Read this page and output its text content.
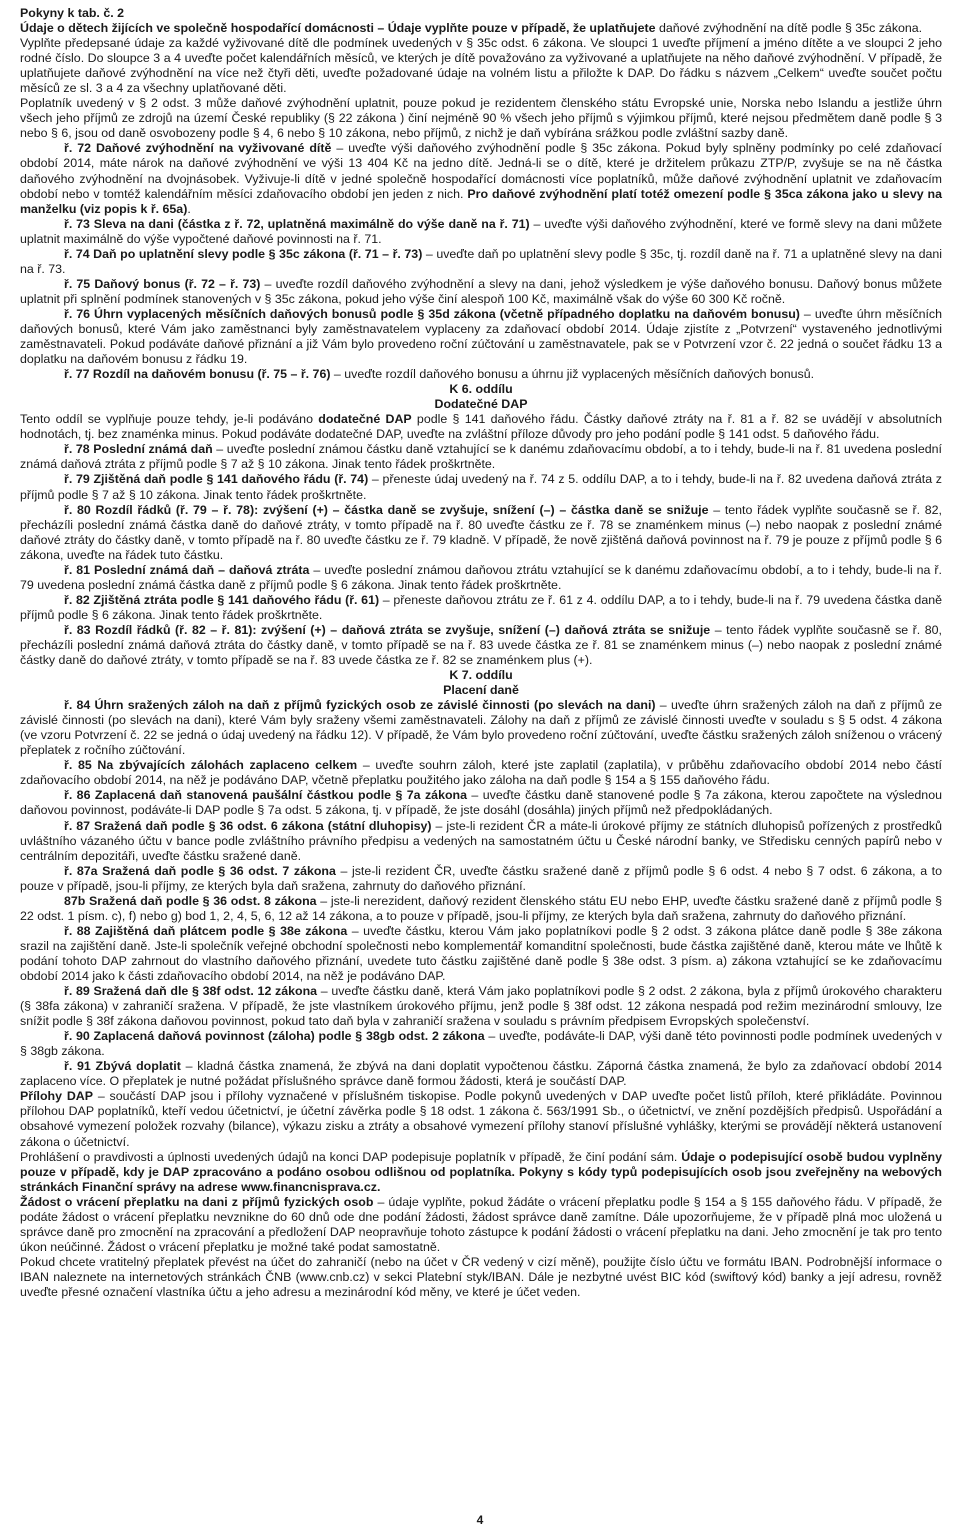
Pokyny k tab. č. 2

Údaje o dětech žijících ve společně hospodařící domácnosti – Údaje vyplňte pouze v případě, že uplatňujete daňové zvýhodnění na dítě podle § 35c zákona.

Vyplňte předepsané údaje za každé vyživované dítě dle podmínek uvedených v § 35c odst. 6 zákona. Ve sloupci 1 uveďte příjmení a jméno dítěte a ve sloupci 2 jeho rodné číslo. Do sloupce 3 a 4 uveďte počet kalendářních měsíců, ve kterých je dítě považováno za vyživované a uplatňujete na něho daňové zvýhodnění. V případě, že uplatňujete daňové zvýhodnění na více než čtyři děti, uveďte požadované údaje na volném listu a přiložte k DAP. Do řádku s názvem „Celkem“ uveďte součet počtu měsíců ze sl. 3 a 4 za všechny uplatňované děti.

Poplatník uvedený v § 2 odst. 3 může daňové zvýhodnění uplatnit, pouze pokud je rezidentem členského státu Evropské unie, Norska nebo Islandu a jestliže úhrn všech jeho příjmů ze zdrojů na území České republiky (§ 22 zákona ) činí nejméně 90 % všech jeho příjmů s výjimkou příjmů, které nejsou předmětem daně podle § 3 nebo § 6, jsou od daně osvobozeny podle § 4, 6 nebo § 10 zákona, nebo příjmů, z nichž je daň vybírána srážkou podle zvláštní sazby daně.

ř. 72 Daňové zvýhodnění na vyživované dítě – uveďte výši daňového zvýhodnění podle § 35c zákona. Pokud byly splněny podmínky po celé zdaňovací období 2014, máte nárok na daňové zvýhodnění ve výši 13 404 Kč na jedno dítě. Jedná-li se o dítě, které je držitelem průkazu ZTP/P, zvyšuje se na ně částka daňového zvýhodnění na dvojnásobek. Vyživuje-li dítě v jedné společně hospodařící domácnosti více poplatníků, může daňové zvýhodnění uplatnit ve zdaňovacím období nebo v tomtéž kalendářním měsíci zdaňovacího období jen jeden z nich. Pro daňové zvýhodnění platí totéž omezení podle § 35ca zákona jako u slevy na manželku (viz popis k ř. 65a).

ř. 73 Sleva na dani (částka z ř. 72, uplatněná maximálně do výše daně na ř. 71) – uveďte výši daňového zvýhodnění, které ve formě slevy na dani můžete uplatnit maximálně do výše vypočtené daňové povinnosti na ř. 71.

ř. 74 Daň po uplatnění slevy podle § 35c zákona (ř. 71 – ř. 73) – uveďte daň po uplatnění slevy podle § 35c, tj. rozdíl daně na ř. 71 a uplatněné slevy na dani na ř. 73.

ř. 75 Daňový bonus (ř. 72 – ř. 73) – uveďte rozdíl daňového zvýhodnění a slevy na dani, jehož výsledkem je výše daňového bonusu. Daňový bonus můžete uplatnit při splnění podmínek stanovených v § 35c zákona, pokud jeho výše činí alespoň 100 Kč, maximálně však do výše 60 300 Kč ročně.

ř. 76 Úhrn vyplacených měsíčních daňových bonusů podle § 35d zákona (včetně případného doplatku na daňovém bonusu) – uveďte úhrn měsíčních daňových bonusů, které Vám jako zaměstnanci byly zaměstnavatelem vyplaceny za zdaňovací období 2014. Údaje zjistíte z „Potvrzení“ vystaveného jednotlivými zaměstnavateli. Pokud podáváte daňové přiznání a již Vám bylo provedeno roční zúčtování u zaměstnavatele, pak se v Potvrzení vzor č. 22 jedná o součet řádku 13 a doplatku na daňovém bonusu z řádku 19.

ř. 77 Rozdíl na daňovém bonusu (ř. 75 – ř. 76) – uveďte rozdíl daňového bonusu a úhrnu již vyplacených měsíčních daňových bonusů.

K 6. oddílu

Dodatečné DAP

Tento oddíl se vyplňuje pouze tehdy, je-li podáváno dodatečné DAP podle § 141 daňového řádu. Částky daňové ztráty na ř. 81 a ř. 82 se uvádějí v absolutních hodnotách, tj. bez znaménka minus. Pokud podáváte dodatečné DAP, uveďte na zvláštní příloze důvody pro jeho podání podle § 141 odst. 5 daňového řádu.

ř. 78 Poslední známá daň – uveďte poslední známou částku daně vztahující se k danému zdaňovacímu období, a to i tehdy, bude-li na ř. 81 uvedena poslední známá daňová ztráta z příjmů podle § 7 až § 10 zákona. Jinak tento řádek proškrtněte.

ř. 79 Zjištěná daň podle § 141 daňového řádu (ř. 74) – přeneste údaj uvedený na ř. 74 z 5. oddílu DAP, a to i tehdy, bude-li na ř. 82 uvedena daňová ztráta z příjmů podle § 7 až § 10 zákona. Jinak tento řádek proškrtněte.

ř. 80 Rozdíl řádků (ř. 79 – ř. 78): zvýšení (+) – částka daně se zvyšuje, snížení (–) – částka daně se snižuje – tento řádek vyplňte současně se ř. 82, přecházíli poslední známá částka daně do daňové ztráty, v tomto případě na ř. 80 uveďte částku ze ř. 78 se znaménkem minus (–) nebo naopak z poslední známé daňové ztráty do částky daně, v tomto případě na ř. 80 uveďte částku ze ř. 79 kladně. V případě, že nově zjištěná daňová povinnost na ř. 79 je pouze z příjmů podle § 6 zákona, uveďte na řádek tuto částku.

ř. 81 Poslední známá daň – daňová ztráta – uveďte poslední známou daňovou ztrátu vztahující se k danému zdaňovacímu období, a to i tehdy, bude-li na ř. 79 uvedena poslední známá částka daně z příjmů podle § 6 zákona. Jinak tento řádek proškrtněte.

ř. 82 Zjištěná ztráta podle § 141 daňového řádu (ř. 61) – přeneste daňovou ztrátu ze ř. 61 z 4. oddílu DAP, a to i tehdy, bude-li na ř. 79 uvedena částka daně příjmů podle § 6 zákona. Jinak tento řádek proškrtněte.

ř. 83 Rozdíl řádků (ř. 82 – ř. 81): zvýšení (+) – daňová ztráta se zvyšuje, snížení (–) daňová ztráta se snižuje – tento řádek vyplňte současně se ř. 80, přecházíli poslední známá daňová ztráta do částky daně, v tomto případě se na ř. 83 uvede částka ze ř. 81 se znaménkem minus (–) nebo naopak z poslední známé částky daně do daňové ztráty, v tomto případě se na ř. 83 uvede částka ze ř. 82 se znaménkem plus (+).

K 7. oddílu

Placení daně

ř. 84 Úhrn sražených záloh na daň z příjmů fyzických osob ze závislé činnosti (po slevách na dani) – uveďte úhrn sražených záloh na daň z příjmů ze závislé činnosti (po slevách na dani), které Vám byly sraženy všemi zaměstnavateli. Zálohy na daň z příjmů ze závislé činnosti uveďte v souladu s § 5 odst. 4 zákona (ve vzoru Potvrzení č. 22 se jedná o údaj uvedený na řádku 12). V případě, že Vám bylo provedeno roční zúčtování, uveďte částku sražených záloh sníženou o vrácený přeplatek z ročního zúčtování.

ř. 85 Na zbývajících zálohách zaplaceno celkem – uveďte souhrn záloh, které jste zaplatil (zaplatila), v průběhu zdaňovacího období 2014 nebo částí zdaňovacího období 2014, na něž je podáváno DAP, včetně přeplatku použitého jako záloha na daň podle § 154 a § 155 daňového řádu.

ř. 86 Zaplacená daň stanovená paušální částkou podle § 7a zákona – uveďte částku daně stanovené podle § 7a zákona, kterou započtete na výslednou daňovou povinnost, podáváte-li DAP podle § 7a odst. 5 zákona, tj. v případě, že jste dosáhl (dosáhla) jiných příjmů než předpokládaných.

ř. 87 Sražená daň podle § 36 odst. 6 zákona (státní dluhopisy) – jste-li rezident ČR a máte-li úrokové příjmy ze státních dluhopisů pořízených z prostředků uvláštního vázaného účtu v bance podle zvláštního právního předpisu a vedených na samostatném účtu u České národní banky, ve Středisku cenných papírů nebo v centrálním depozitáři, uveďte částku sražené daně.

ř. 87a Sražená daň podle § 36 odst. 7 zákona – jste-li rezident ČR, uveďte částku sražené daně z příjmů podle § 6 odst. 4 nebo § 7 odst. 6 zákona, a to pouze v případě, jsou-li příjmy, ze kterých byla daň sražena, zahrnuty do daňového přiznání.

87b Sražená daň podle § 36 odst. 8 zákona – jste-li nerezident, daňový rezident členského státu EU nebo EHP, uveďte částku sražené daně z příjmů podle § 22 odst. 1 písm. c), f) nebo g) bod 1, 2, 4, 5, 6, 12 až 14 zákona, a to pouze v případě, jsou-li příjmy, ze kterých byla daň sražena, zahrnuty do daňového přiznání.

ř. 88 Zajištěná daň plátcem podle § 38e zákona – uveďte částku, kterou Vám jako poplatníkovi podle § 2 odst. 3 zákona plátce daně podle § 38e zákona srazil na zajištění daně. Jste-li společník veřejné obchodní společnosti nebo komplementář komanditní společnosti, bude částka zajištěné daně, kterou máte ve lhůtě k podání tohoto DAP zahrnout do vlastního daňového přiznání, uvedete tuto částku zajištěné daně podle § 38e odst. 3 písm. a) zákona vztahující se ke zdaňovacímu období 2014 jako k části zdaňovacího období 2014, na něž je podáváno DAP.

ř. 89 Sražená daň dle § 38f odst. 12 zákona – uveďte částku daně, která Vám jako poplatníkovi podle § 2 odst. 2 zákona, byla z příjmů úrokového charakteru (§ 38fa zákona) v zahraničí sražena. V případě, že jste vlastníkem úrokového příjmu, jenž podle § 38f odst. 12 zákona nespadá pod režim mezinárodní smlouvy, lze snížit podle § 38f zákona daňovou povinnost, pokud tato daň byla v zahraničí sražena v souladu s právním předpisem Evropských společenství.

ř. 90 Zaplacená daňová povinnost (záloha) podle § 38gb odst. 2 zákona – uveďte, podáváte-li DAP, výši daně této povinnosti podle podmínek uvedených v § 38gb zákona.

ř. 91 Zbývá doplatit – kladná částka znamená, že zbývá na dani doplatit vypočtenou částku. Záporná částka znamená, že bylo za zdaňovací období 2014 zaplaceno více. O přeplatek je nutné požádat příslušného správce daně formou žádosti, která je součástí DAP.

Přílohy DAP – součástí DAP jsou i přílohy vyznačené v příslušném tiskopise. Podle pokynů uvedených v DAP uveďte počet listů příloh, které přikládáte. Povinnou přílohou DAP poplatníků, kteří vedou účetnictví, je účetní závěrka podle § 18 odst. 1 zákona č. 563/1991 Sb., o účetnictví, ve znění pozdějších předpisů. Uspořádání a obsahové vymezení položek rozvahy (bilance), výkazu zisku a ztráty a obsahové vymezení přílohy stanoví příslušné vyhlášky, kterými se provádějí některá ustanovení zákona o účetnictví.

Prohlášení o pravdivosti a úplnosti uvedených údajů na konci DAP podepisuje poplatník v případě, že činí podání sám. Údaje o podepisující osobě budou vyplněny pouze v případě, kdy je DAP zpracováno a podáno osobou odlišnou od poplatníka. Pokyny s kódy typů podepisujících osob jsou zveřejněny na webových stránkách Finanční správy na adrese www.financnisprava.cz.

Žádost o vrácení přeplatku na dani z příjmů fyzických osob – údaje vyplňte, pokud žádáte o vrácení přeplatku podle § 154 a § 155 daňového řádu. V případě, že podáte žádost o vrácení přeplatku nevznikne do 60 dnů ode dne podání žádosti, žádost správce daně zamítne. Dále upozorňujeme, že v případě plná moc uložená u správce daně pro zmocnění na zpracování a předložení DAP neopravňuje tohoto zástupce k podání žádosti o vrácení přeplatku na dani. Jeho zmocnění je tak pro tento úkon neúčinné. Žádost o vrácení přeplatku je možné také podat samostatně.

Pokud chcete vratitelný přeplatek převést na účet do zahraničí (nebo na účet v ČR vedený v cizí měně), použijte číslo účtu ve formátu IBAN. Podrobnější informace o IBAN naleznete na internetových stránkách ČNB (www.cnb.cz) v sekci Platební styk/IBAN. Dále je nezbytné uvést BIC kód (swiftový kód) banky a její adresu, rovněž uveďte přesné označení vlastníka účtu a jeho adresu a mezinárodní kód měny, ve které je účet veden.

4
